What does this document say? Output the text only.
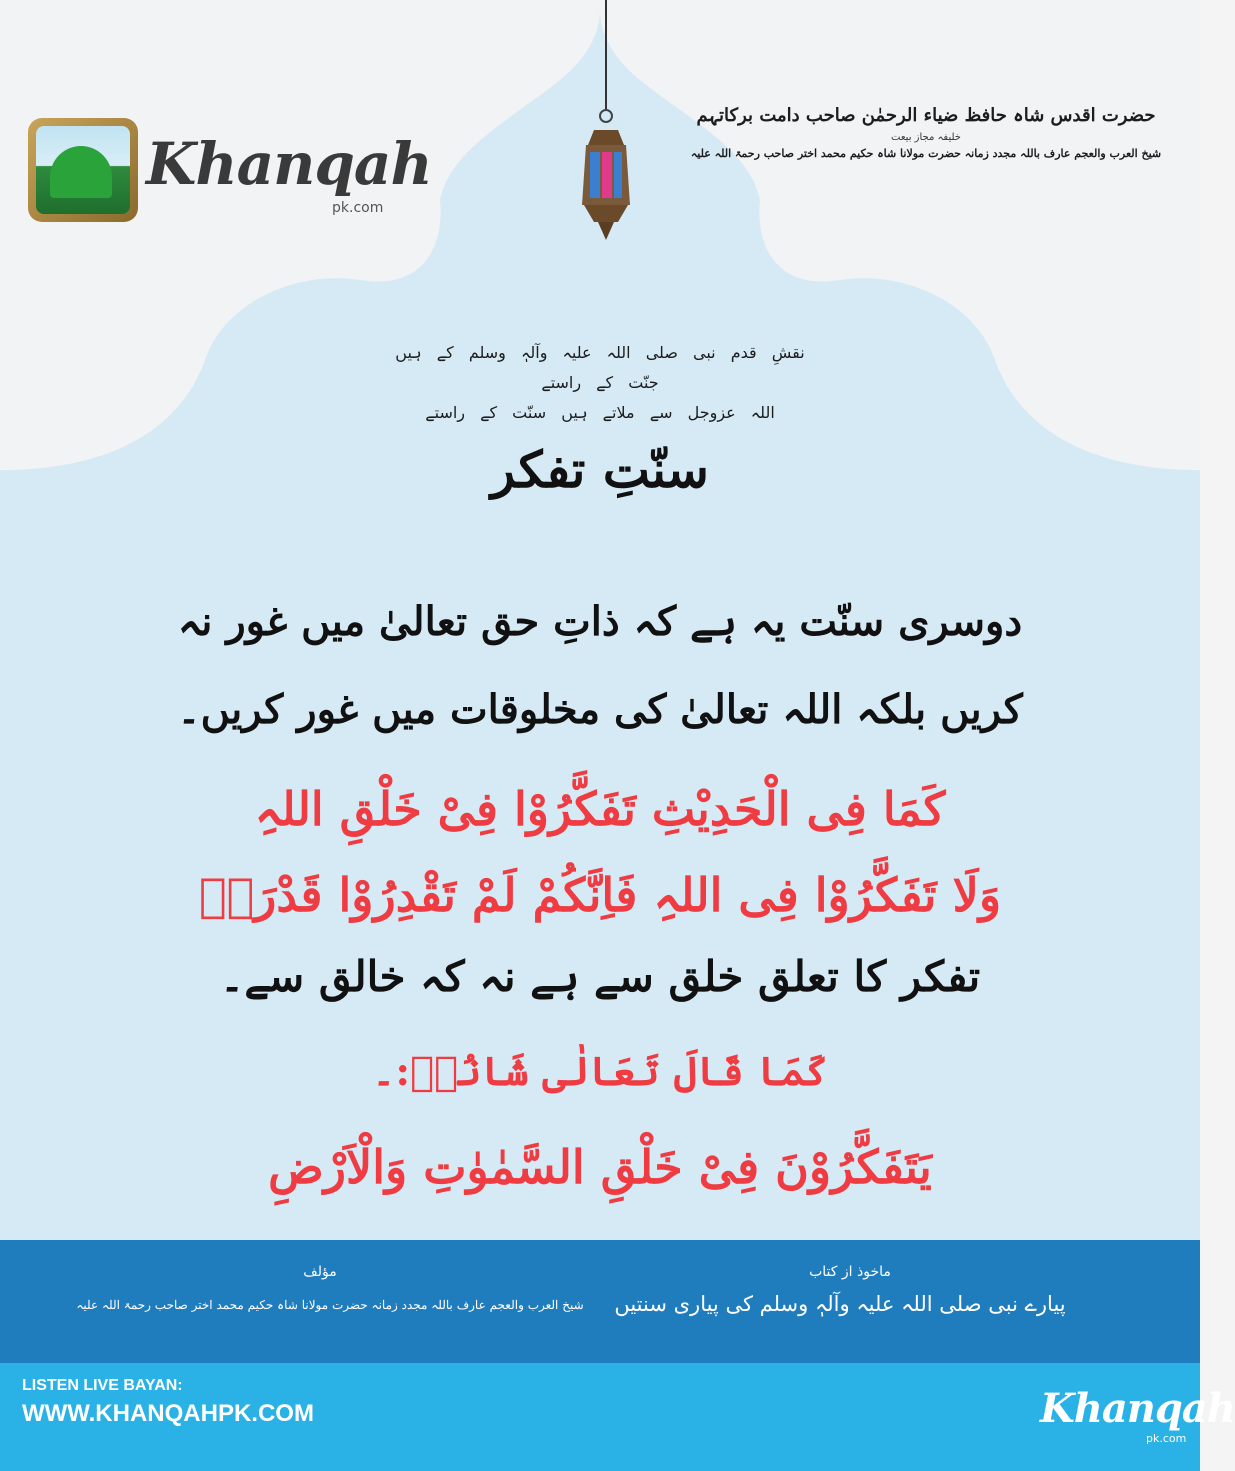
Khanqah
pk.com
حضرت اقدس شاہ حافظ ضیاء الرحمٰن صاحب دامت برکاتہم
خلیفہ مجاز بیعت
شیخ العرب والعجم عارف باللہ مجدد زمانہ حضرت مولانا شاہ حکیم محمد اختر صاحب رحمۃ اللہ علیہ
نقشِ قدم نبی صلی اللہ علیہ وآلہٖ وسلم کے ہیں جنّت کے راستے
اللہ عزوجل سے ملاتے ہیں سنّت کے راستے
سنّتِ تفکر
دوسری سنّت یہ ہے کہ ذاتِ حق تعالیٰ میں غور نہ
کریں بلکہ اللہ تعالیٰ کی مخلوقات میں غور کریں۔
کَمَا فِی الْحَدِیْثِ تَفَکَّرُوْا فِیْ خَلْقِ اللہِ
وَلَا تَفَکَّرُوْا فِی اللہِ فَاِنَّکُمْ لَمْ تَقْدِرُوْا قَدْرَہٗ
تفکر کا تعلق خلق سے ہے نہ کہ خالق سے۔
کَمَا قَالَ تَعَالٰی شَانُہٗ:۔
یَتَفَکَّرُوْنَ فِیْ خَلْقِ السَّمٰوٰتِ وَالْاَرْضِ
ماخوذ از کتاب
پیارے نبی صلی اللہ علیہ وآلہٖ وسلم کی پیاری سنتیں
مؤلف
شیخ العرب والعجم عارف باللہ مجدد زمانہ حضرت مولانا شاہ حکیم محمد اختر صاحب رحمۃ اللہ علیہ
LISTEN LIVE BAYAN:
WWW.KHANQAHPK.COM	Khanqah
pk.com
